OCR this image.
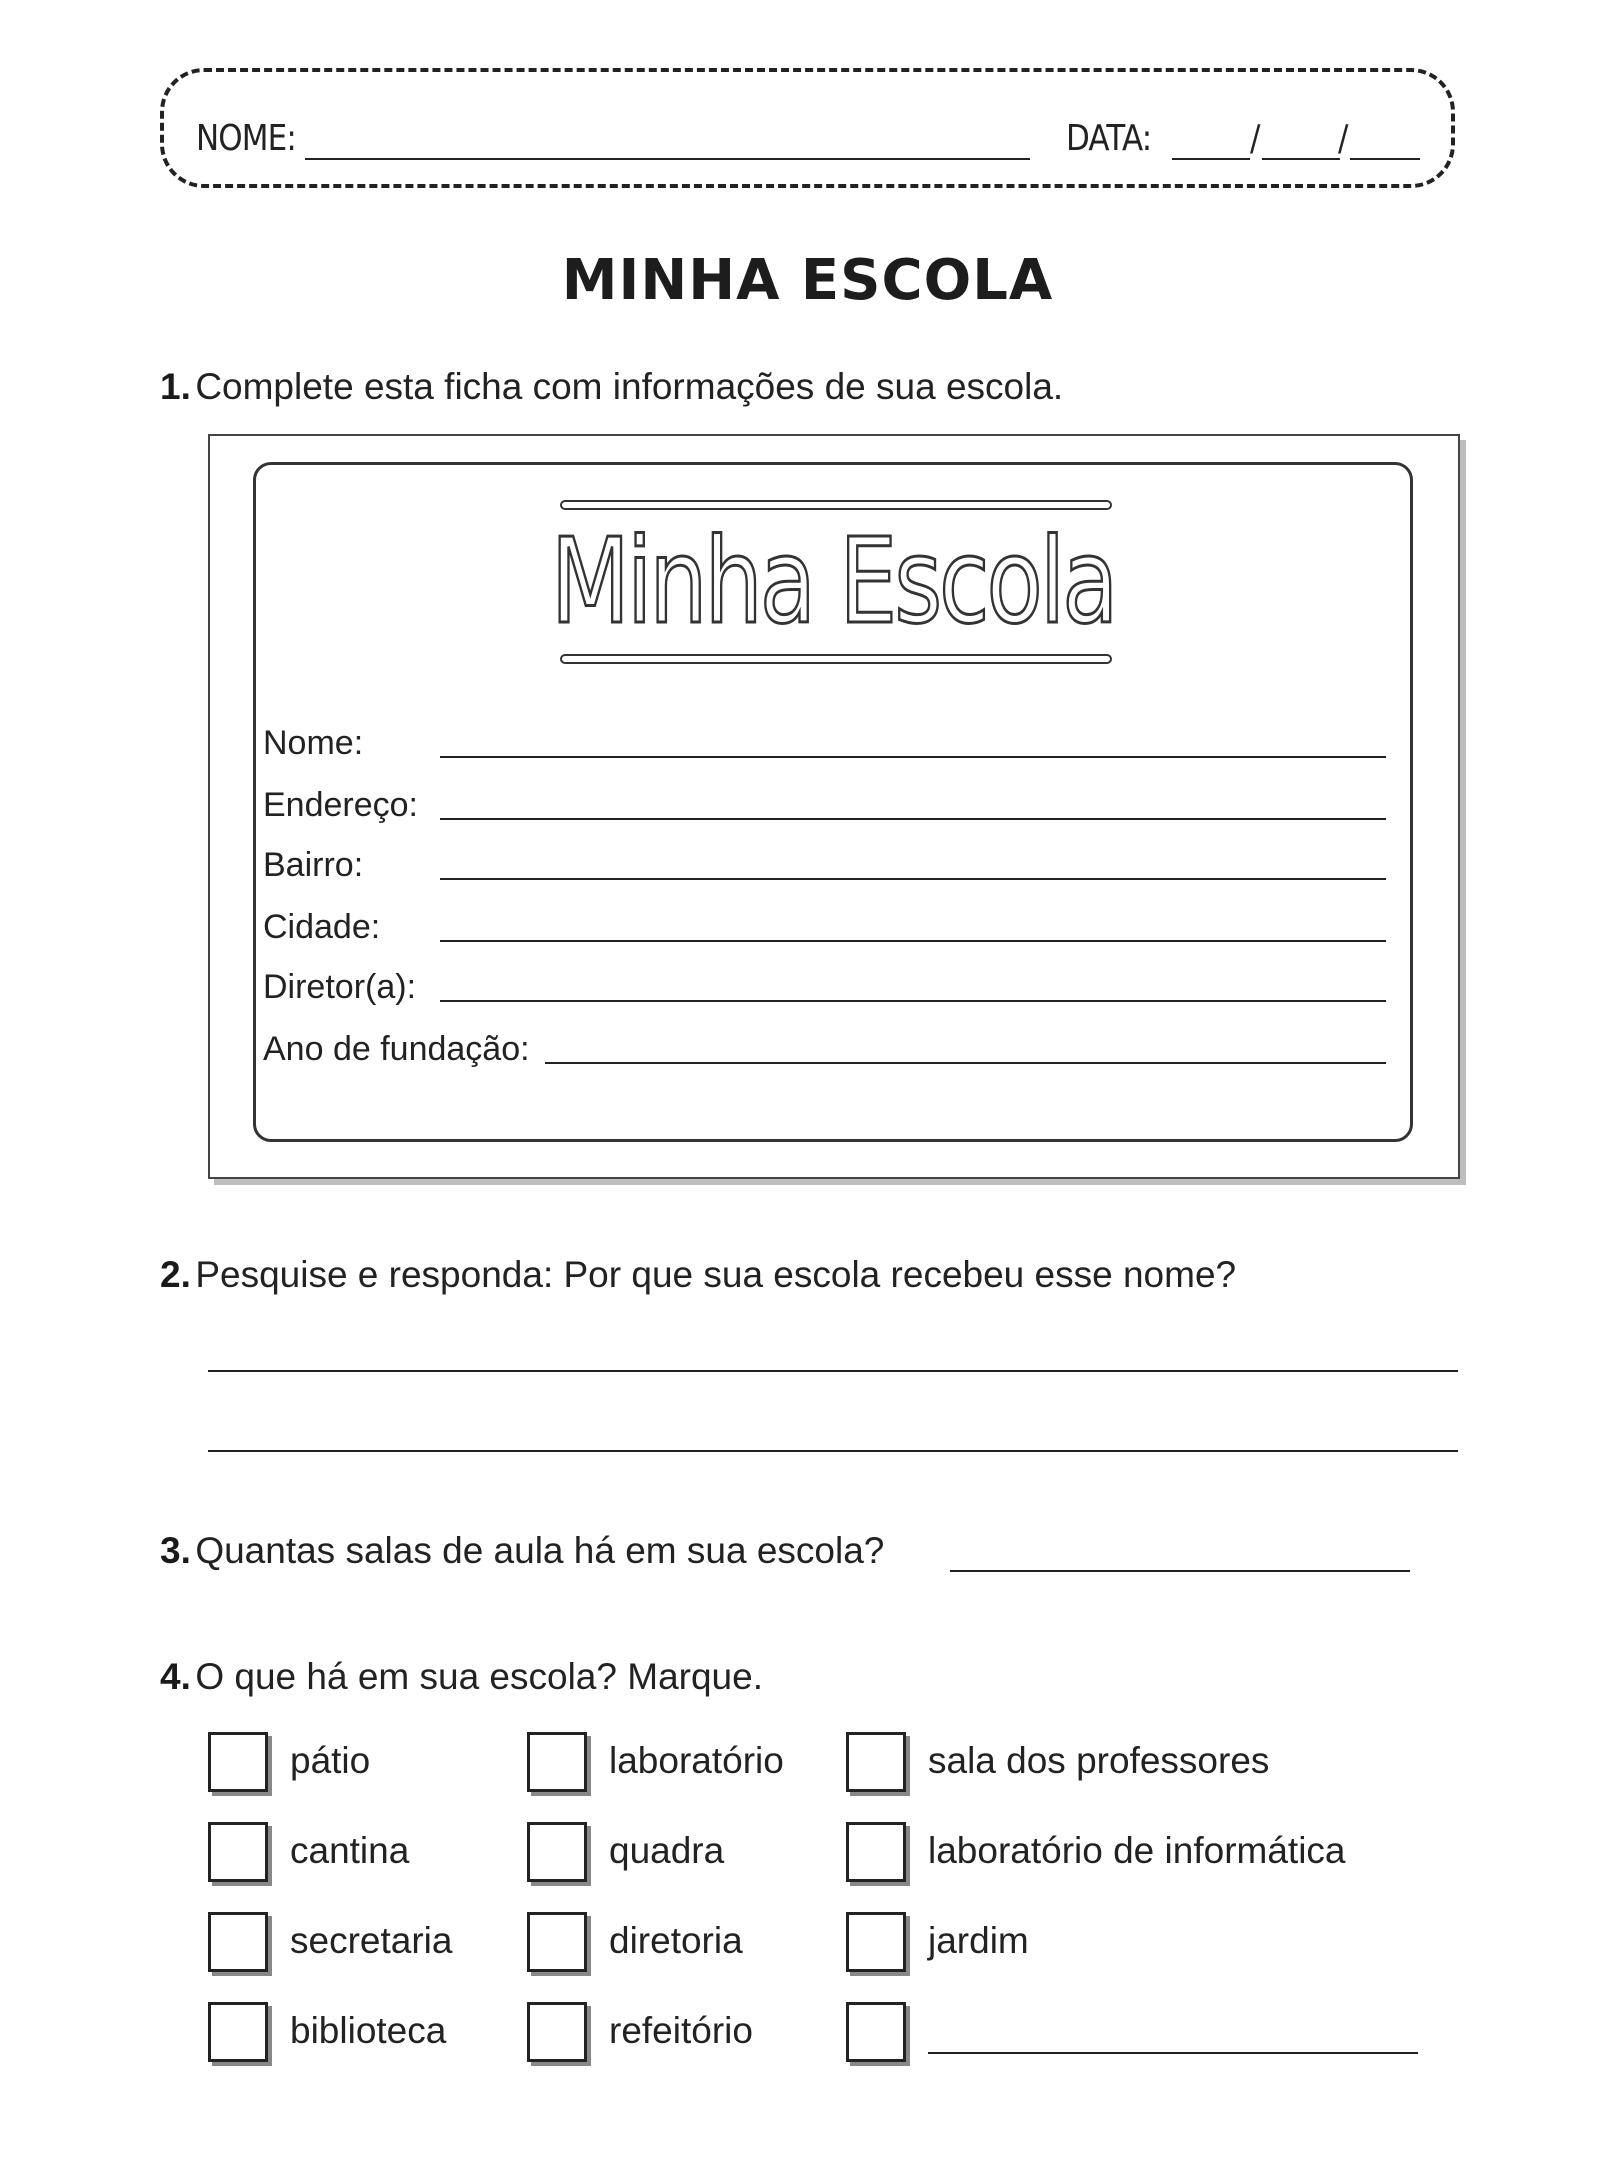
NOME:	DATA:	/ /
MINHA ESCOLA
1. Complete esta ficha com informações de sua escola.
Minha Escola
Nome:
Endereço:
Bairro:
Cidade:
Diretor(a):
Ano de fundação:
2. Pesquise e responda: Por que sua escola recebeu esse nome?
3. Quantas salas de aula há em sua escola?
4. O que há em sua escola? Marque.
pátio	laboratório	sala dos professores
cantina	quadra	laboratório de informática
secretaria	diretoria	jardim
biblioteca	refeitório
